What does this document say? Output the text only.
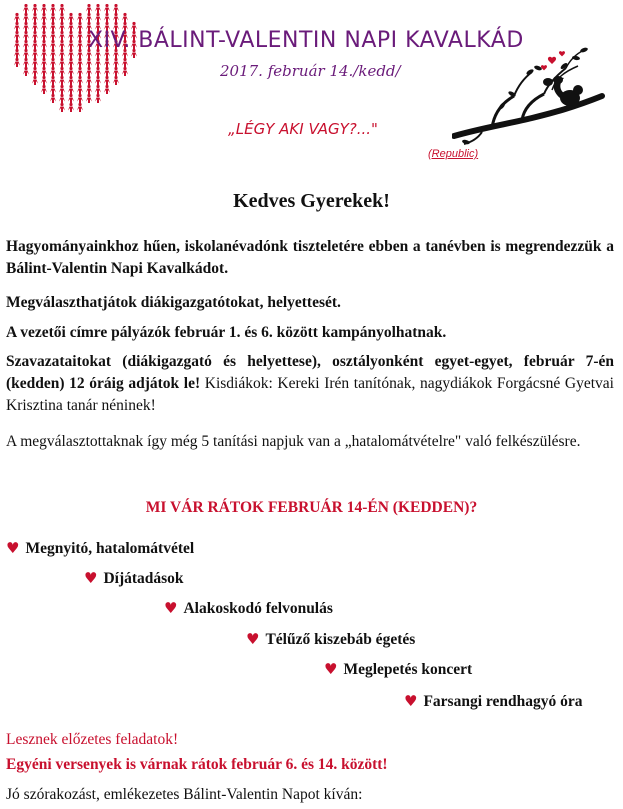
XIV. BÁLINT-VALENTIN NAPI KAVALKÁD
2017. február 14./kedd/
„LÉGY AKI VAGY?..."
(Republic)
Kedves Gyerekek!
Hagyományainkhoz hűen, iskolanévadónk tiszteletére ebben a tanévben is megrendezzük a Bálint-Valentin Napi Kavalkádot.
Megválaszthatjátok diákigazgatótokat, helyettesét.
A vezetői címre pályázók február 1. és 6. között kampányolhatnak.
Szavazataitokat (diákigazgató és helyettese), osztályonként egyet-egyet, február 7-én (kedden) 12 óráig adjátok le! Kisdiákok: Kereki Irén tanítónak, nagydiákok Forgácsné Gyetvai Krisztina tanár néninek!
A megválasztottaknak így még 5 tanítási napjuk van a „hatalomátvételre" való felkészülésre.
MI VÁR RÁTOK FEBRUÁR 14-ÉN (KEDDEN)?
♥ Megnyitó, hatalomátvétel
♥ Díjátadások
♥ Alakoskodó felvonulás
♥ Télűző kiszebáb égetés
♥ Meglepetés koncert
♥ Farsangi rendhagyó óra
Lesznek előzetes feladatok!
Egyéni versenyek is várnak rátok február 6. és 14. között!
Jó szórakozást, emlékezetes Bálint-Valentin Napot kíván:
